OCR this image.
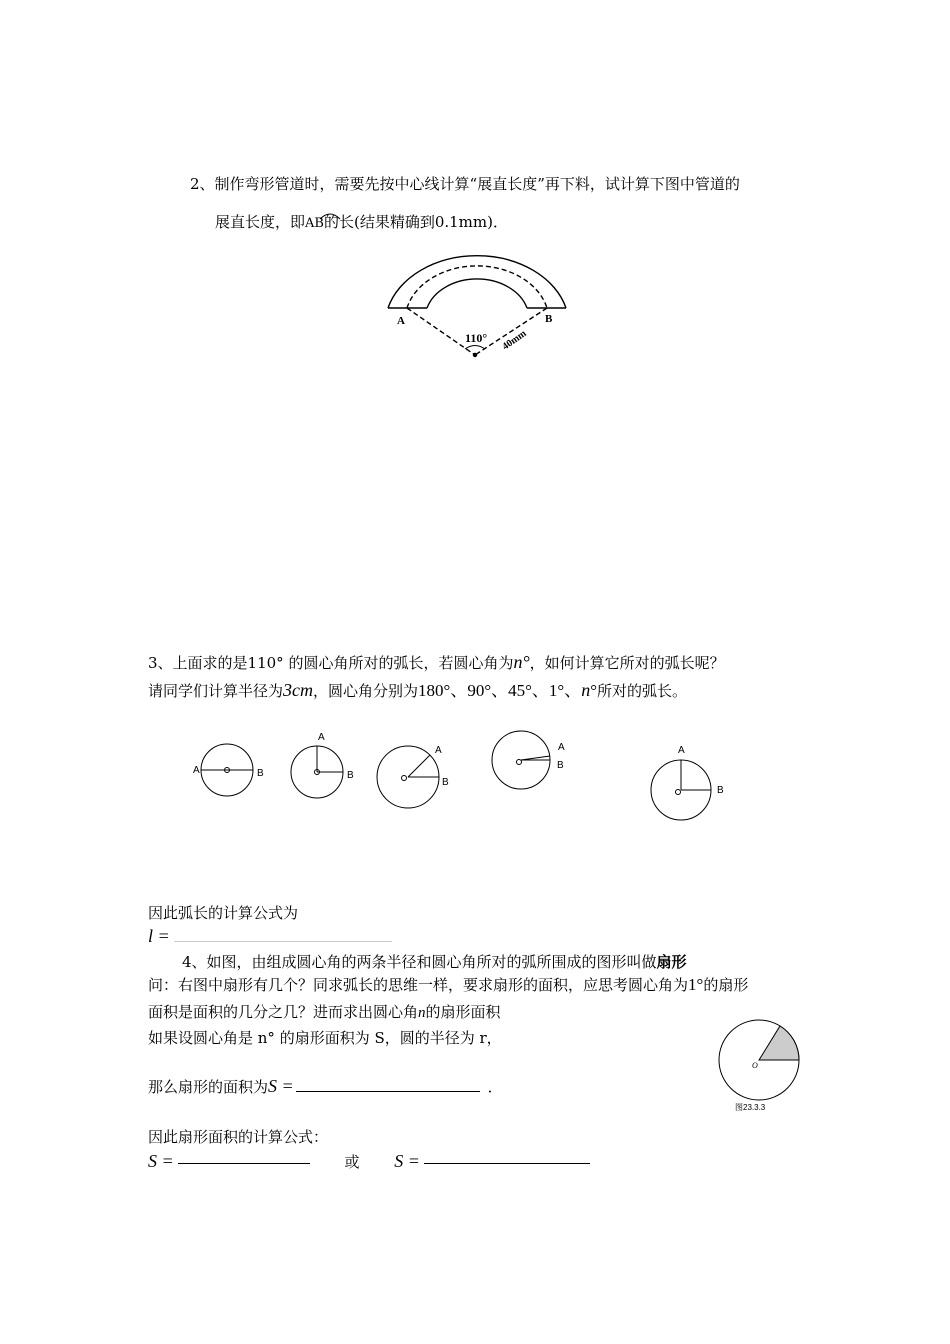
2、制作弯形管道时，需要先按中心线计算“展直长度”再下料，试计算下图中管道的
展直长度，即AB
的长(结果精确到0.1mm)．
A	B
110° 40mm
3、上面求的是110° 的圆心角所对的弧长，若圆心角为n°，如何计算它所对的弧长呢？
请同学们计算半径为3cm，圆心角分别为180°、90°、45°、1°、n°所对的弧长。
A	B
A
B
A
B
A
B
A
B
因此弧长的计算公式为
l =
4、如图，由组成圆心角的两条半径和圆心角所对的弧所围成的图形叫做扇形
问：右图中扇形有几个？同求弧长的思维一样，要求扇形的面积，应思考圆心角为1°的扇形
面积是面积的几分之几？进而求出圆心角n的扇形面积
如果设圆心角是 n° 的扇形面积为 S，圆的半径为 r，
那么扇形的面积为S =	．
O
图23.3.3
因此扇形面积的计算公式：
S =	或 S =
